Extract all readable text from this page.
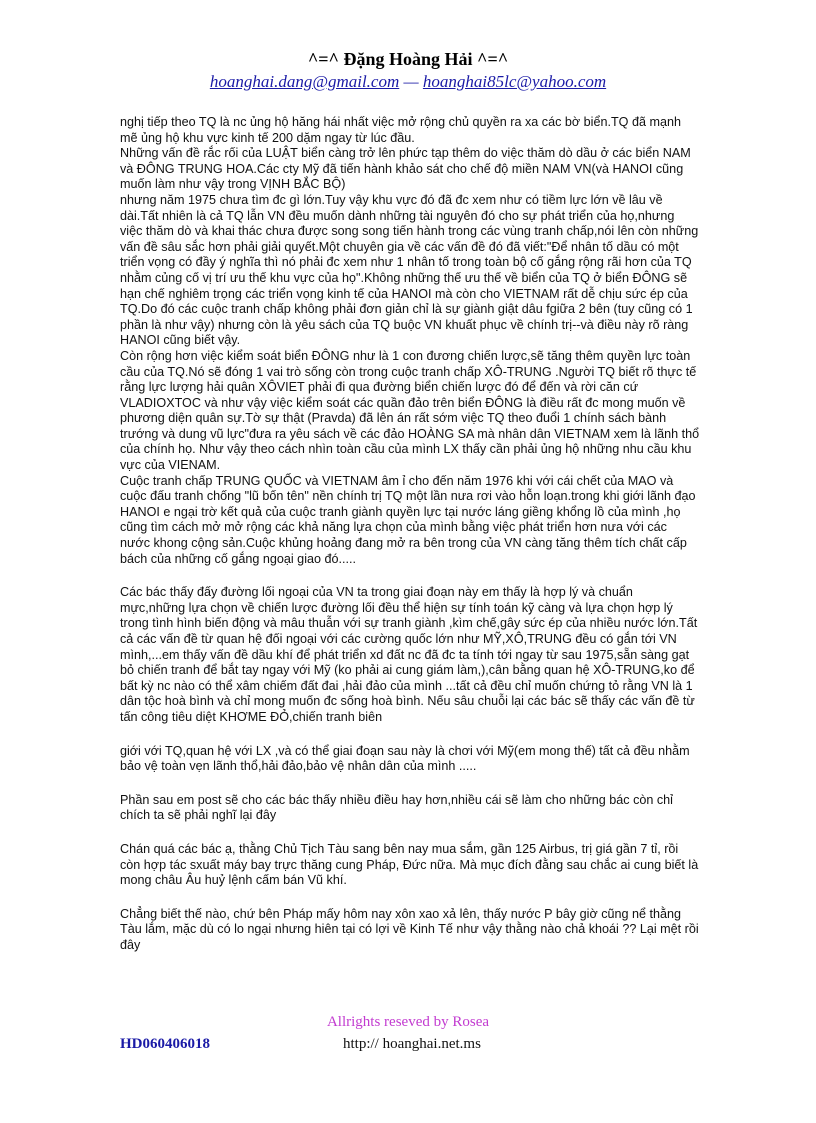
^=^ Đặng Hoàng Hải ^=^
hoanghai.dang@gmail.com — hoanghai85lc@yahoo.com

nghị tiếp theo TQ là nc ủng hộ hăng hái nhất việc mở rộng chủ quyền ra xa các bờ biển.TQ đã mạnh mẽ ủng hộ khu vực kinh tế 200 dặm ngay từ lúc đầu.

Những vấn đề rắc rối của LUẬT biển càng trở lên phức tạp thêm do việc thăm dò dầu ở các biển NAM và ĐÔNG TRUNG HOA.Các cty Mỹ đã tiến hành khảo sát cho chế độ miền NAM VN(và HANOI cũng muốn làm như vậy trong VỊNH BẮC BỘ)

nhưng năm 1975 chưa tìm đc gì lớn.Tuy vậy khu vực đó đã đc xem như có tiềm lực lớn về lâu về dài.Tất nhiên là cả TQ lẫn VN đều muốn dành những tài nguyên đó cho sự phát triển của họ,nhưng việc thăm dò và khai thác chưa được song song tiến hành trong các vùng tranh chấp,nói lên còn những vấn đề sâu sắc hơn phải giải quyết.Một chuyên gia về các vấn đề đó đã viết:"Để nhân tố dầu có một triển vọng có đầy ý nghĩa thì nó phải đc xem như 1 nhân tố trong toàn bộ cố gắng rộng rãi hơn của TQ nhằm củng cố vị trí ưu thế khu vực của họ".Không những thế ưu thế về biển của TQ ở biển ĐÔNG sẽ hạn chế nghiêm trọng các triển vọng kinh tế của HANOI mà còn cho VIETNAM rất dễ chịu sức ép của TQ.Do đó các cuộc tranh chấp không phải đơn giản chỉ là sự giành giật dâu fgiữa 2 bên (tuy cũng có 1 phần là như vậy) nhưng còn là yêu sách của TQ buộc VN khuất phục về chính trị--và điều này rõ ràng HANOI cũng biết vậy.

Còn rộng hơn việc kiểm soát biển ĐÔNG như là 1 con đương chiến lược,sẽ tăng thêm quyền lực toàn cầu của TQ.Nó sẽ đóng 1 vai trò sống còn trong cuộc tranh chấp XÔ-TRUNG .Người TQ biết rõ thực tế rằng lực lượng hải quân XÔVIET phải đi qua đường biển chiến lược đó để đến và rời căn cứ VLADIOXTOC và như vậy việc kiểm soát các quần đảo trên biển ĐÔNG là điều rất đc mong muốn về phương diện quân sự.Tờ sự thật (Pravda) đã lên án rất sớm việc TQ theo đuổi 1 chính sách bành trướng và dung vũ lực"đưa ra yêu sách về các đảo HOÀNG SA mà nhân dân VIETNAM xem là lãnh thổ của chính họ. Như vậy theo cách nhìn toàn cầu của mình LX thấy cần phải ủng hộ những nhu cầu khu vực của VIENAM.

Cuộc tranh chấp TRUNG QUỐC và VIETNAM âm ỉ cho đến năm 1976 khi với cái chết của MAO và cuộc đấu tranh chống "lũ bốn tên" nền chính trị TQ một lần nưa rơi vào hỗn loạn.trong khi giới lãnh đạo HANOI e ngại trờ kết quả của cuộc tranh giành quyền lực tại nước láng giềng khổng lồ của mình ,họ cũng tìm cách mở mở rộng các khả năng lựa chọn của mình bằng việc phát triển hơn nưa với các nước khong cộng sản.Cuộc khủng hoảng đang mở ra bên trong của VN càng tăng thêm tích chất cấp bách của những cố gắng ngoại giao đó.....

Các bác thấy đấy đường lối ngoại của VN ta trong giai đoạn này em thấy là hợp lý và chuẩn mực,những lựa chọn về chiến lược đường lối đều thể hiện sự tính toán kỹ càng và lựa chọn hợp lý trong tình hình biến động và mâu thuẫn với sự tranh giành ,kìm chế,gây sức ép của nhiều nước lớn.Tất cả các vấn đề từ quan hệ đối ngoại với các cường quốc lớn như MỸ,XÔ,TRUNG đều có gắn tới VN mình,...em thấy vấn đề dầu khí để phát triển xd đất nc đã đc ta tính tới ngay từ sau 1975,sẵn sàng gạt bỏ chiến tranh để bắt tay ngay với Mỹ (ko phải ai cung giám làm,),cân bằng quan hệ XÔ-TRUNG,ko để bất kỳ nc nào có thể xâm chiếm đất đai ,hải đảo của mình ...tất cả đều chỉ muốn chứng tỏ rằng VN là 1 dân tộc hoà bình và chỉ mong muốn đc sống hoà bình. Nếu sâu chuỗi lại các bác sẽ thấy các vấn đề từ tấn công tiêu diệt KHƠME ĐỎ,chiến tranh biên

giới với TQ,quan hệ với LX ,và có thể giai đoạn sau này là chơi với Mỹ(em mong thế) tất cả đều nhằm bảo vệ toàn vẹn lãnh thổ,hải đảo,bảo vệ nhân dân của mình .....

Phần sau em post sẽ cho các bác thấy nhiều điều hay hơn,nhiều cái sẽ làm cho những bác còn chỉ chích ta sẽ phải nghĩ lại đây

Chán quá các bác ạ, thằng Chủ Tịch Tàu sang bên nay mua sắm, gần 125 Airbus, trị giá gần 7 tỉ, rồi còn hợp tác sxuất máy bay trực thăng cung Pháp, Đức nữa. Mà mục đích đằng sau chắc ai cung biết là mong châu Âu huỷ lệnh cấm bán Vũ khí.

Chẳng biết thế nào, chứ bên Pháp mấy hôm nay xôn xao xả lên, thấy nước P bây giờ cũng nể thằng Tàu lắm, mặc dù có lo ngại nhưng hiên tại có lợi về Kinh Tế như vậy thằng nào chả khoái ?? Lại mệt rồi đây

Allrights reseved by Rosea
HD060406018	http:// hoanghai.net.ms
